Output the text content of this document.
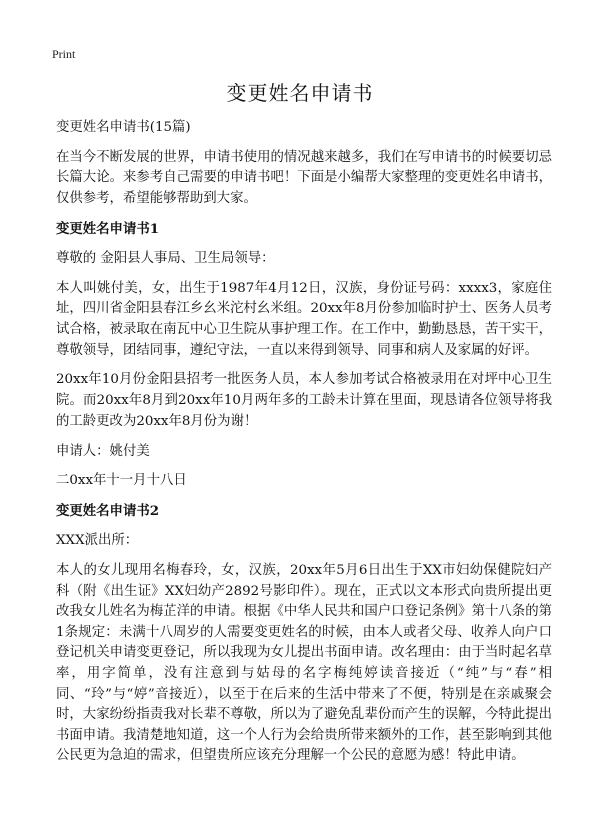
Print
变更姓名申请书

变更姓名申请书(15篇)

在当今不断发展的世界，申请书使用的情况越来越多，我们在写申请书的时候要切忌长篇大论。来参考自己需要的申请书吧！下面是小编帮大家整理的变更姓名申请书，仅供参考，希望能够帮助到大家。

变更姓名申请书1

尊敬的 金阳县人事局、卫生局领导：

本人叫姚付美，女，出生于1987年4月12日，汉族，身份证号码：xxxx3，家庭住址，四川省金阳县春江乡幺米沱村幺米组。20xx年8月份参加临时护士、医务人员考试合格，被录取在南瓦中心卫生院从事护理工作。在工作中，勤勤恳恳，苦干实干，尊敬领导，团结同事，遵纪守法，一直以来得到领导、同事和病人及家属的好评。

20xx年10月份金阳县招考一批医务人员，本人参加考试合格被录用在对坪中心卫生院。而20xx年8月到20xx年10月两年多的工龄未计算在里面，现恳请各位领导将我的工龄更改为20xx年8月份为谢！

申请人：姚付美

二0xx年十一月十八日

变更姓名申请书2

XXX派出所：

本人的女儿现用名梅春玲，女，汉族，20xx年5月6日出生于XX市妇幼保健院妇产科（附《出生证》XX妇幼产2892号影印件）。现在，正式以文本形式向贵所提出更改我女儿姓名为梅芷洋的申请。根据《中华人民共和国户口登记条例》第十八条的第1条规定：未满十八周岁的人需要变更姓名的时候，由本人或者父母、收养人向户口登记机关申请变更登记，所以我现为女儿提出书面申请。改名理由：由于当时起名草率，用字简单，没有注意到与姑母的名字梅纯婷读音接近（“纯”与“春”相同、“玲”与“婷”音接近），以至于在后来的生活中带来了不便，特别是在亲戚聚会时，大家纷纷指责我对长辈不尊敬，所以为了避免乱辈份而产生的误解，今特此提出书面申请。我清楚地知道，这一个人行为会给贵所带来额外的工作，甚至影响到其他公民更为急迫的需求，但望贵所应该充分理解一个公民的意愿为感！特此申请。
